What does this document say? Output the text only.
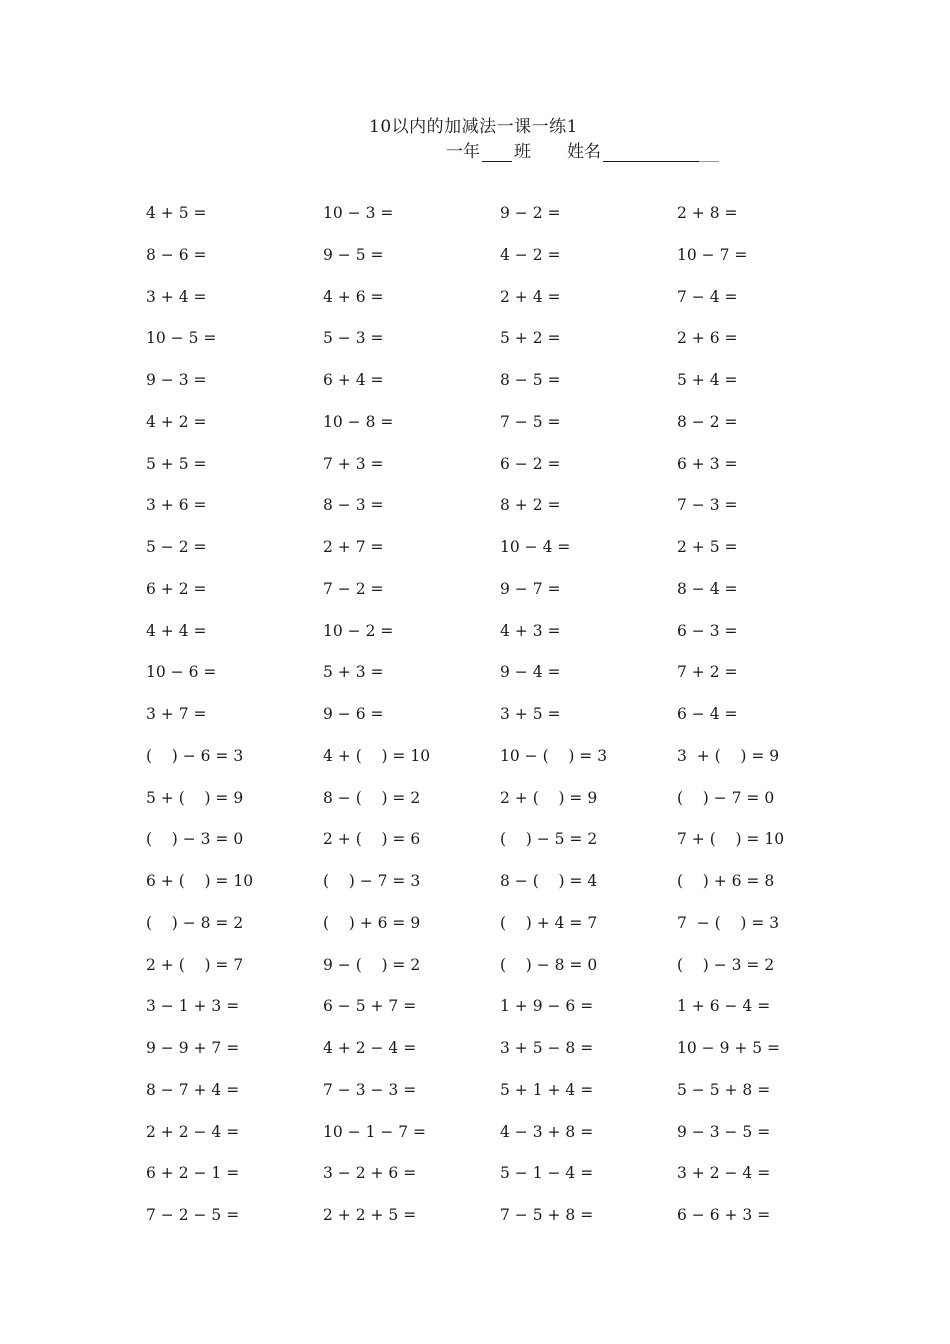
10以内的加减法一课一练1
一年 班 姓名
4 + 5 =	10 − 3 =	9 − 2 =	2 + 8 =
8 − 6 =	9 − 5 =	4 − 2 =	10 − 7 =
3 + 4 =	4 + 6 =	2 + 4 =	7 − 4 =
10 − 5 =	5 − 3 =	5 + 2 =	2 + 6 =
9 − 3 =	6 + 4 =	8 − 5 =	5 + 4 =
4 + 2 =	10 − 8 =	7 − 5 =	8 − 2 =
5 + 5 =	7 + 3 =	6 − 2 =	6 + 3 =
3 + 6 =	8 − 3 =	8 + 2 =	7 − 3 =
5 − 2 =	2 + 7 =	10 − 4 =	2 + 5 =
6 + 2 =	7 − 2 =	9 − 7 =	8 − 4 =
4 + 4 =	10 − 2 =	4 + 3 =	6 − 3 =
10 − 6 =	5 + 3 =	9 − 4 =	7 + 2 =
3 + 7 =	9 − 6 =	3 + 5 =	6 − 4 =
(    ) − 6 = 3	4 + (    ) = 10	10 − (    ) = 3	3  + (    ) = 9
5 + (    ) = 9	8 − (    ) = 2	2 + (    ) = 9	(    ) − 7 = 0
(    ) − 3 = 0	2 + (    ) = 6	(    ) − 5 = 2	7 + (    ) = 10
6 + (    ) = 10	(    ) − 7 = 3	8 − (    ) = 4	(    ) + 6 = 8
(    ) − 8 = 2	(    ) + 6 = 9	(    ) + 4 = 7	7  − (    ) = 3
2 + (    ) = 7	9 − (    ) = 2	(    ) − 8 = 0	(    ) − 3 = 2
3 − 1 + 3 =	6 − 5 + 7 =	1 + 9 − 6 =	1 + 6 − 4 =
9 − 9 + 7 =	4 + 2 − 4 =	3 + 5 − 8 =	10 − 9 + 5 =
8 − 7 + 4 =	7 − 3 − 3 =	5 + 1 + 4 =	5 − 5 + 8 =
2 + 2 − 4 =	10 − 1 − 7 =	4 − 3 + 8 =	9 − 3 − 5 =
6 + 2 − 1 =	3 − 2 + 6 =	5 − 1 − 4 =	3 + 2 − 4 =
7 − 2 − 5 =	2 + 2 + 5 =	7 − 5 + 8 =	6 − 6 + 3 =
